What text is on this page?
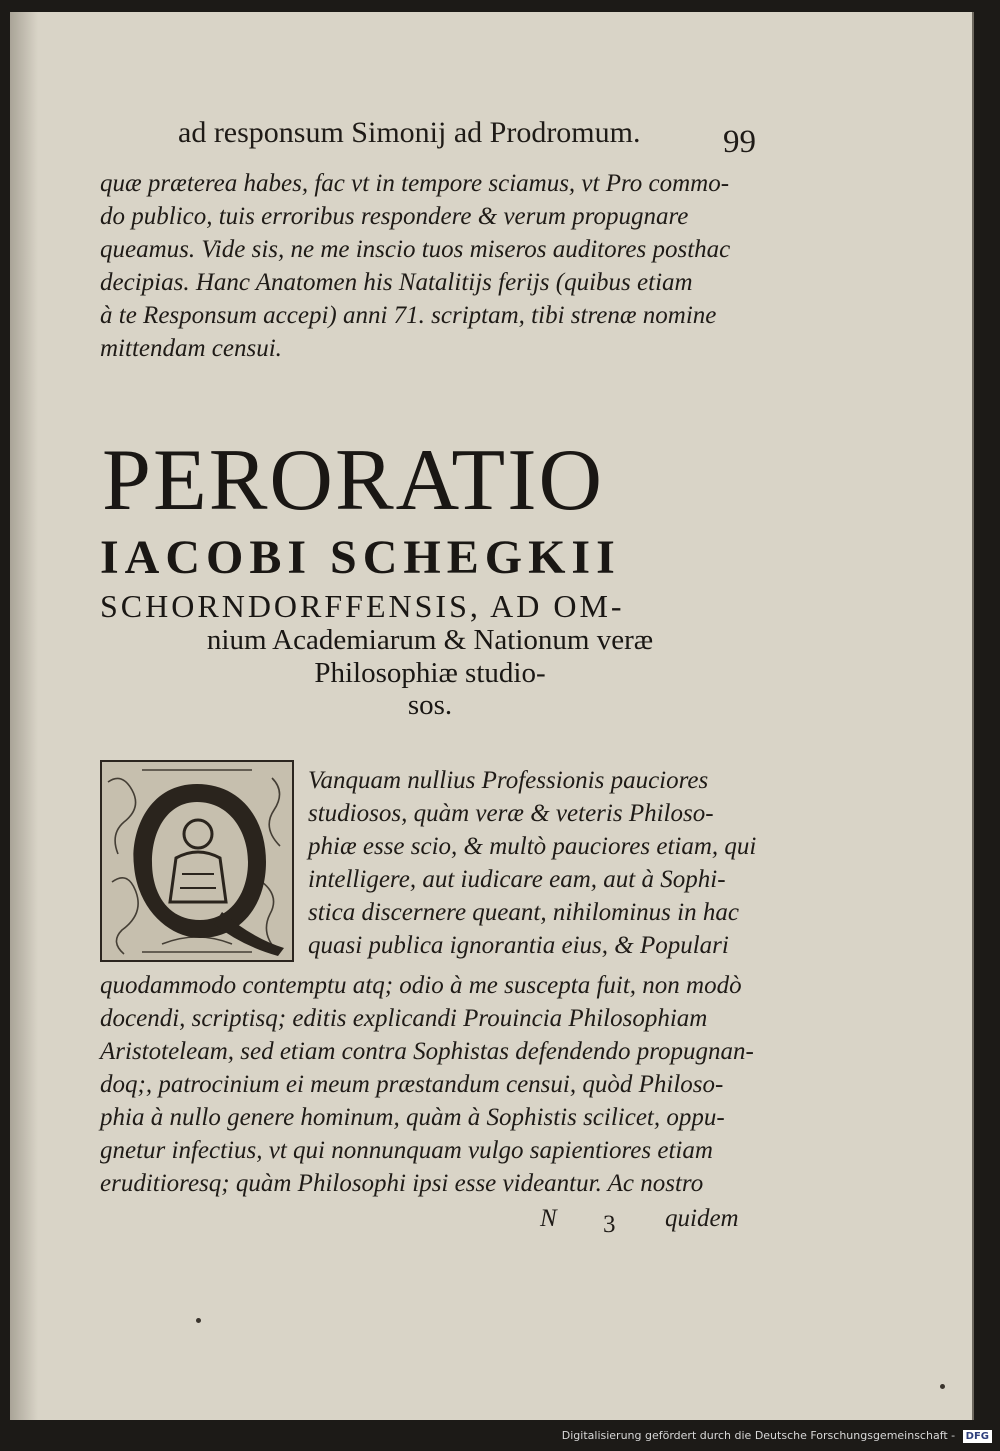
ad responsum Simonij ad Prodromum.	99
quæ præterea habes, fac vt in tempore sciamus, vt Pro commo-
do publico, tuis erroribus respondere & verum propugnare
queamus. Vide sis, ne me inscio tuos miseros auditores posthac
decipias. Hanc Anatomen his Natalitijs ferijs (quibus etiam
à te Responsum accepi) anni 71. scriptam, tibi strenæ nomine
mittendam censui.
PERORATIO
IACOBI SCHEGKII
SCHORNDORFFENSIS, AD OM-
nium Academiarum & Nationum veræ
Philosophiæ studio-
sos.
Vanquam nullius Professionis pauciores
studiosos, quàm veræ & veteris Philoso-
phiæ esse scio, & multò pauciores etiam, qui
intelligere, aut iudicare eam, aut à Sophi-
stica discernere queant, nihilominus in hac
quasi publica ignorantia eius, & Populari
quodammodo contemptu atq; odio à me suscepta fuit, non modò
docendi, scriptisq; editis explicandi Prouincia Philosophiam
Aristoteleam, sed etiam contra Sophistas defendendo propugnan-
doq;, patrocinium ei meum præstandum censui, quòd Philoso-
phia à nullo genere hominum, quàm à Sophistis scilicet, oppu-
gnetur infectius, vt qui nonnunquam vulgo sapientiores etiam
eruditioresq; quàm Philosophi ipsi esse videantur. Ac nostro
N 3 quidem
Digitalisierung gefördert durch die Deutsche Forschungsgemeinschaft - DFG
